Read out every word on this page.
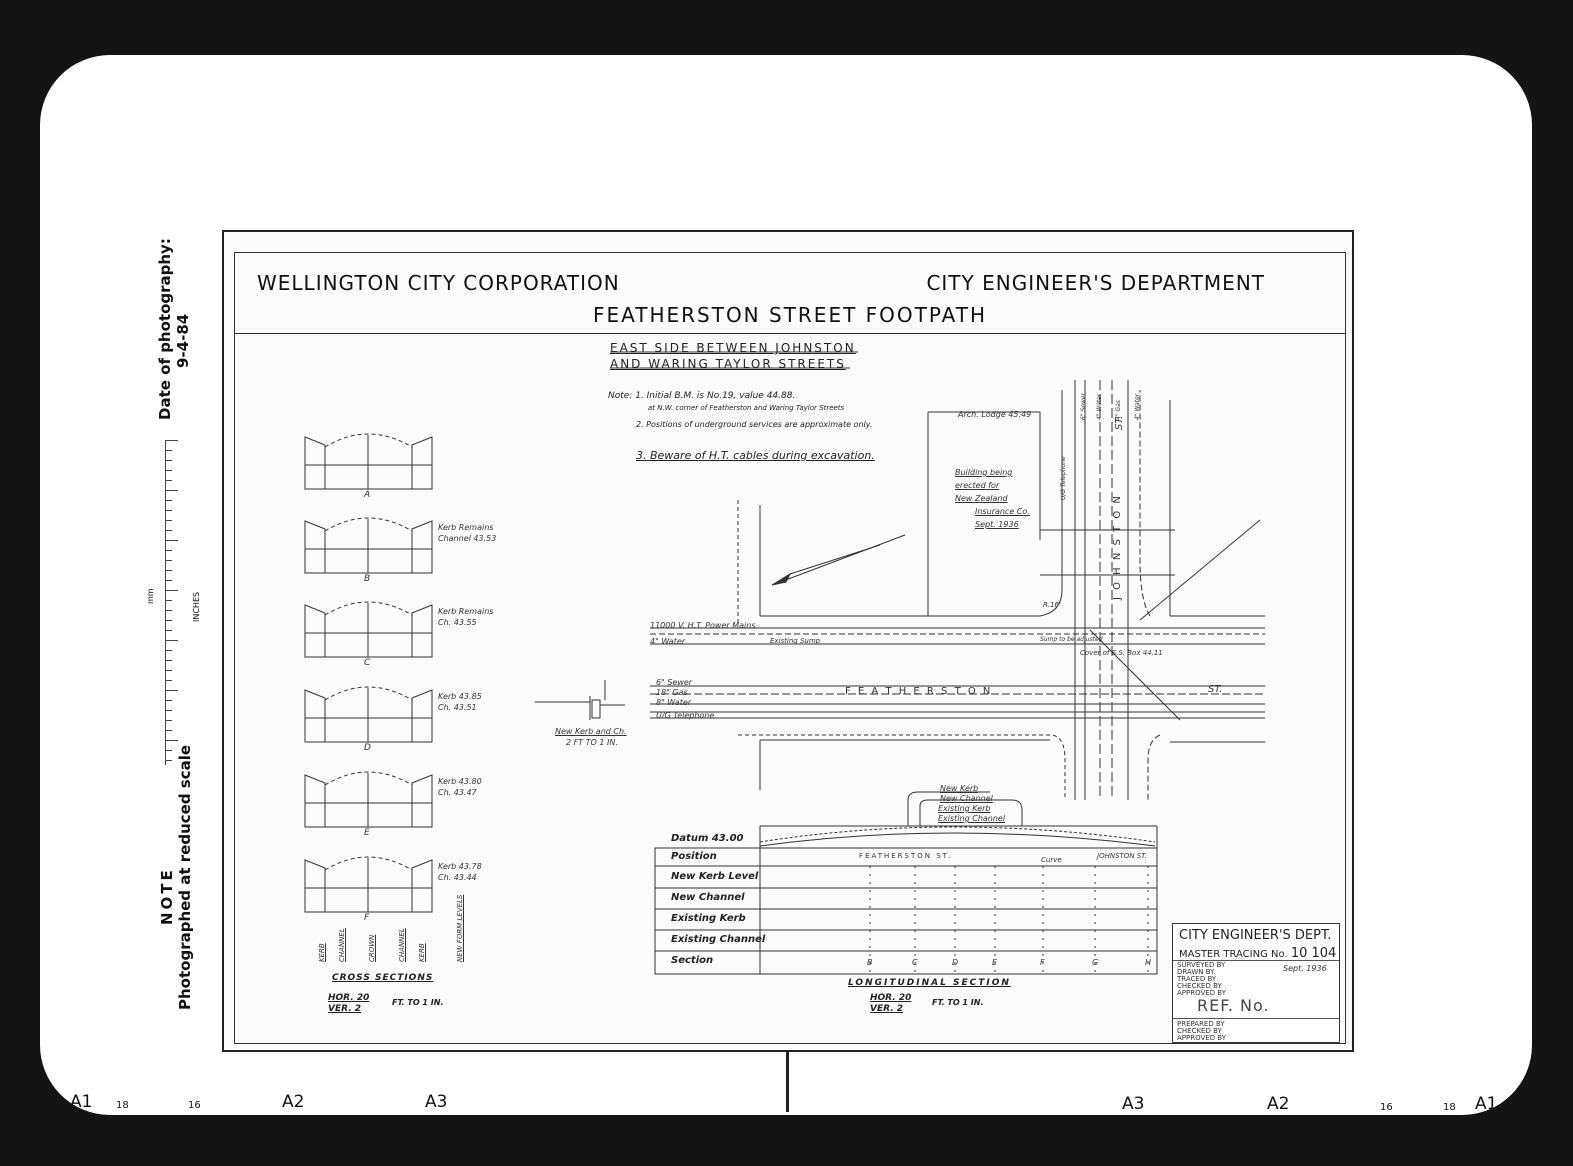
Date of photography: 9-4-84
NOTE Photographed at reduced scale
mm	INCHES
A1 18	16	A2	A3	A3	A2	16	18 A1
WELLINGTON CITY CORPORATION	CITY ENGINEER'S DEPARTMENT
FEATHERSTON STREET FOOTPATH
EAST SIDE BETWEEN JOHNSTON
AND WARING TAYLOR STREETS
Note: 1. Initial B.M. is No.19, value 44.88.
at N.W. corner of Featherston and Waring Taylor Streets
2. Positions of underground services are approximate only.
3. Beware of H.T. cables during excavation.
A
B
C
D
E
F
Kerb Remains
Channel 43.53
Kerb Remains
Ch. 43.55
Kerb 43.85
Ch. 43.51
Kerb 43.80
Ch. 43.47
Kerb 43.78
Ch. 43.44
11000 V. H.T. Power Mains
4" Water
6" Sewer
18" Gas
8" Water
U/G Telephone
F E A T H E R S T O N	ST.
J O H N S T O N
ST.
Existing Sump
Arch. Lodge 45.49
Cover of S.S. Box 44.11
Sump to be adjusted
R.16'
Building being
erected for
New Zealand
Insurance Co.
Sept. 1936
New Kerb and Ch.
2 FT TO 1 IN.
U/G Telephone
6" Sewer 4" Water 4" Gas 4" Water
New Kerb
New Channel
Existing Kerb
Existing Channel
Datum 43.00
Position
New Kerb Level
New Channel
Existing Kerb
Existing Channel
Section
FEATHERSTON ST.	Curve	JOHNSTON ST.
B	C	D	E	F	G	H
LONGITUDINAL SECTION
HOR. 20
VER. 2
FT. TO 1 IN.
CROSS SECTIONS
HOR. 20
VER. 2
FT. TO 1 IN.
KERB CHANNEL	CROWN	CHANNEL KERB	NEW FORM LEVELS	CITY ENGINEER'S DEPT.
MASTER TRACING No. 10 104
SURVEYED BY
DRAWN BY
TRACED BY
CHECKED BY
APPROVED BY
Sept. 1936
REF. No.
PREPARED BY
CHECKED BY
APPROVED BY
